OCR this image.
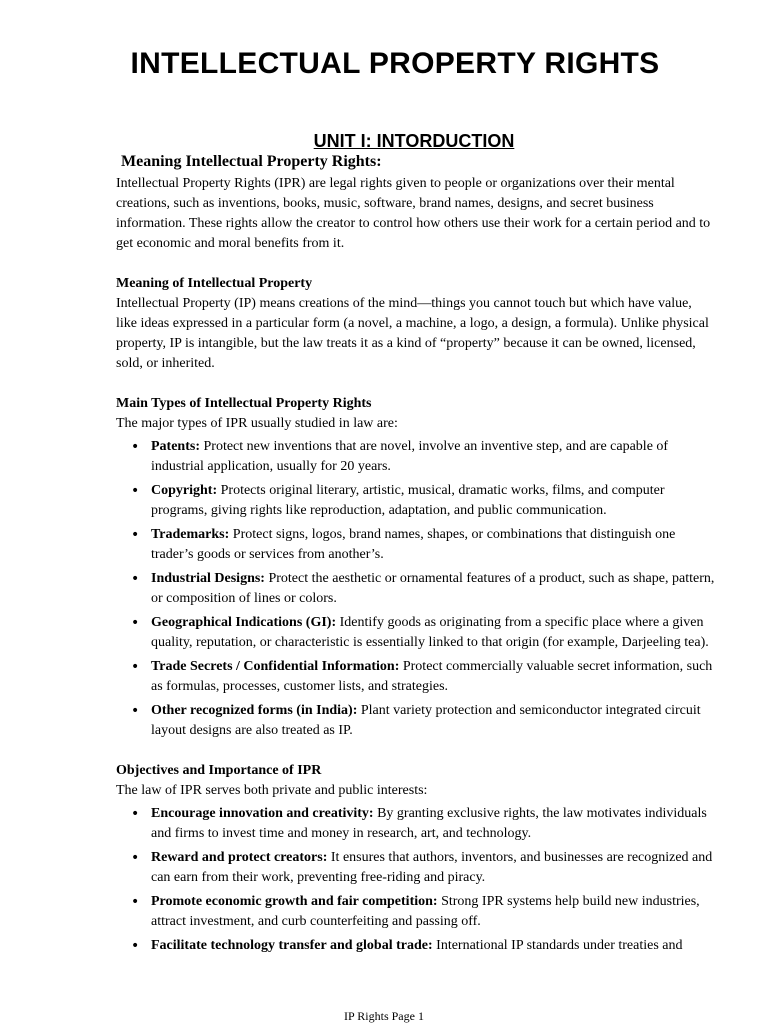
INTELLECTUAL PROPERTY RIGHTS
UNIT I: INTORDUCTION
Meaning Intellectual Property Rights:

Intellectual Property Rights (IPR) are legal rights given to people or organizations over their mental creations, such as inventions, books, music, software, brand names, designs, and secret business information. These rights allow the creator to control how others use their work for a certain period and to get economic and moral benefits from it.

Meaning of Intellectual Property

Intellectual Property (IP) means creations of the mind—things you cannot touch but which have value, like ideas expressed in a particular form (a novel, a machine, a logo, a design, a formula). Unlike physical property, IP is intangible, but the law treats it as a kind of “property” because it can be owned, licensed, sold, or inherited.

Main Types of Intellectual Property Rights

The major types of IPR usually studied in law are:

• Patents: Protect new inventions that are novel, involve an inventive step, and are capable of industrial application, usually for 20 years.
• Copyright: Protects original literary, artistic, musical, dramatic works, films, and computer programs, giving rights like reproduction, adaptation, and public communication.
• Trademarks: Protect signs, logos, brand names, shapes, or combinations that distinguish one trader’s goods or services from another’s.
• Industrial Designs: Protect the aesthetic or ornamental features of a product, such as shape, pattern, or composition of lines or colors.
• Geographical Indications (GI): Identify goods as originating from a specific place where a given quality, reputation, or characteristic is essentially linked to that origin (for example, Darjeeling tea).
• Trade Secrets / Confidential Information: Protect commercially valuable secret information, such as formulas, processes, customer lists, and strategies.
• Other recognized forms (in India): Plant variety protection and semiconductor integrated circuit layout designs are also treated as IP.

Objectives and Importance of IPR

The law of IPR serves both private and public interests:

• Encourage innovation and creativity: By granting exclusive rights, the law motivates individuals and firms to invest time and money in research, art, and technology.
• Reward and protect creators: It ensures that authors, inventors, and businesses are recognized and can earn from their work, preventing free-riding and piracy.
• Promote economic growth and fair competition: Strong IPR systems help build new industries, attract investment, and curb counterfeiting and passing off.
• Facilitate technology transfer and global trade: International IP standards under treaties and
IP Rights Page 1
